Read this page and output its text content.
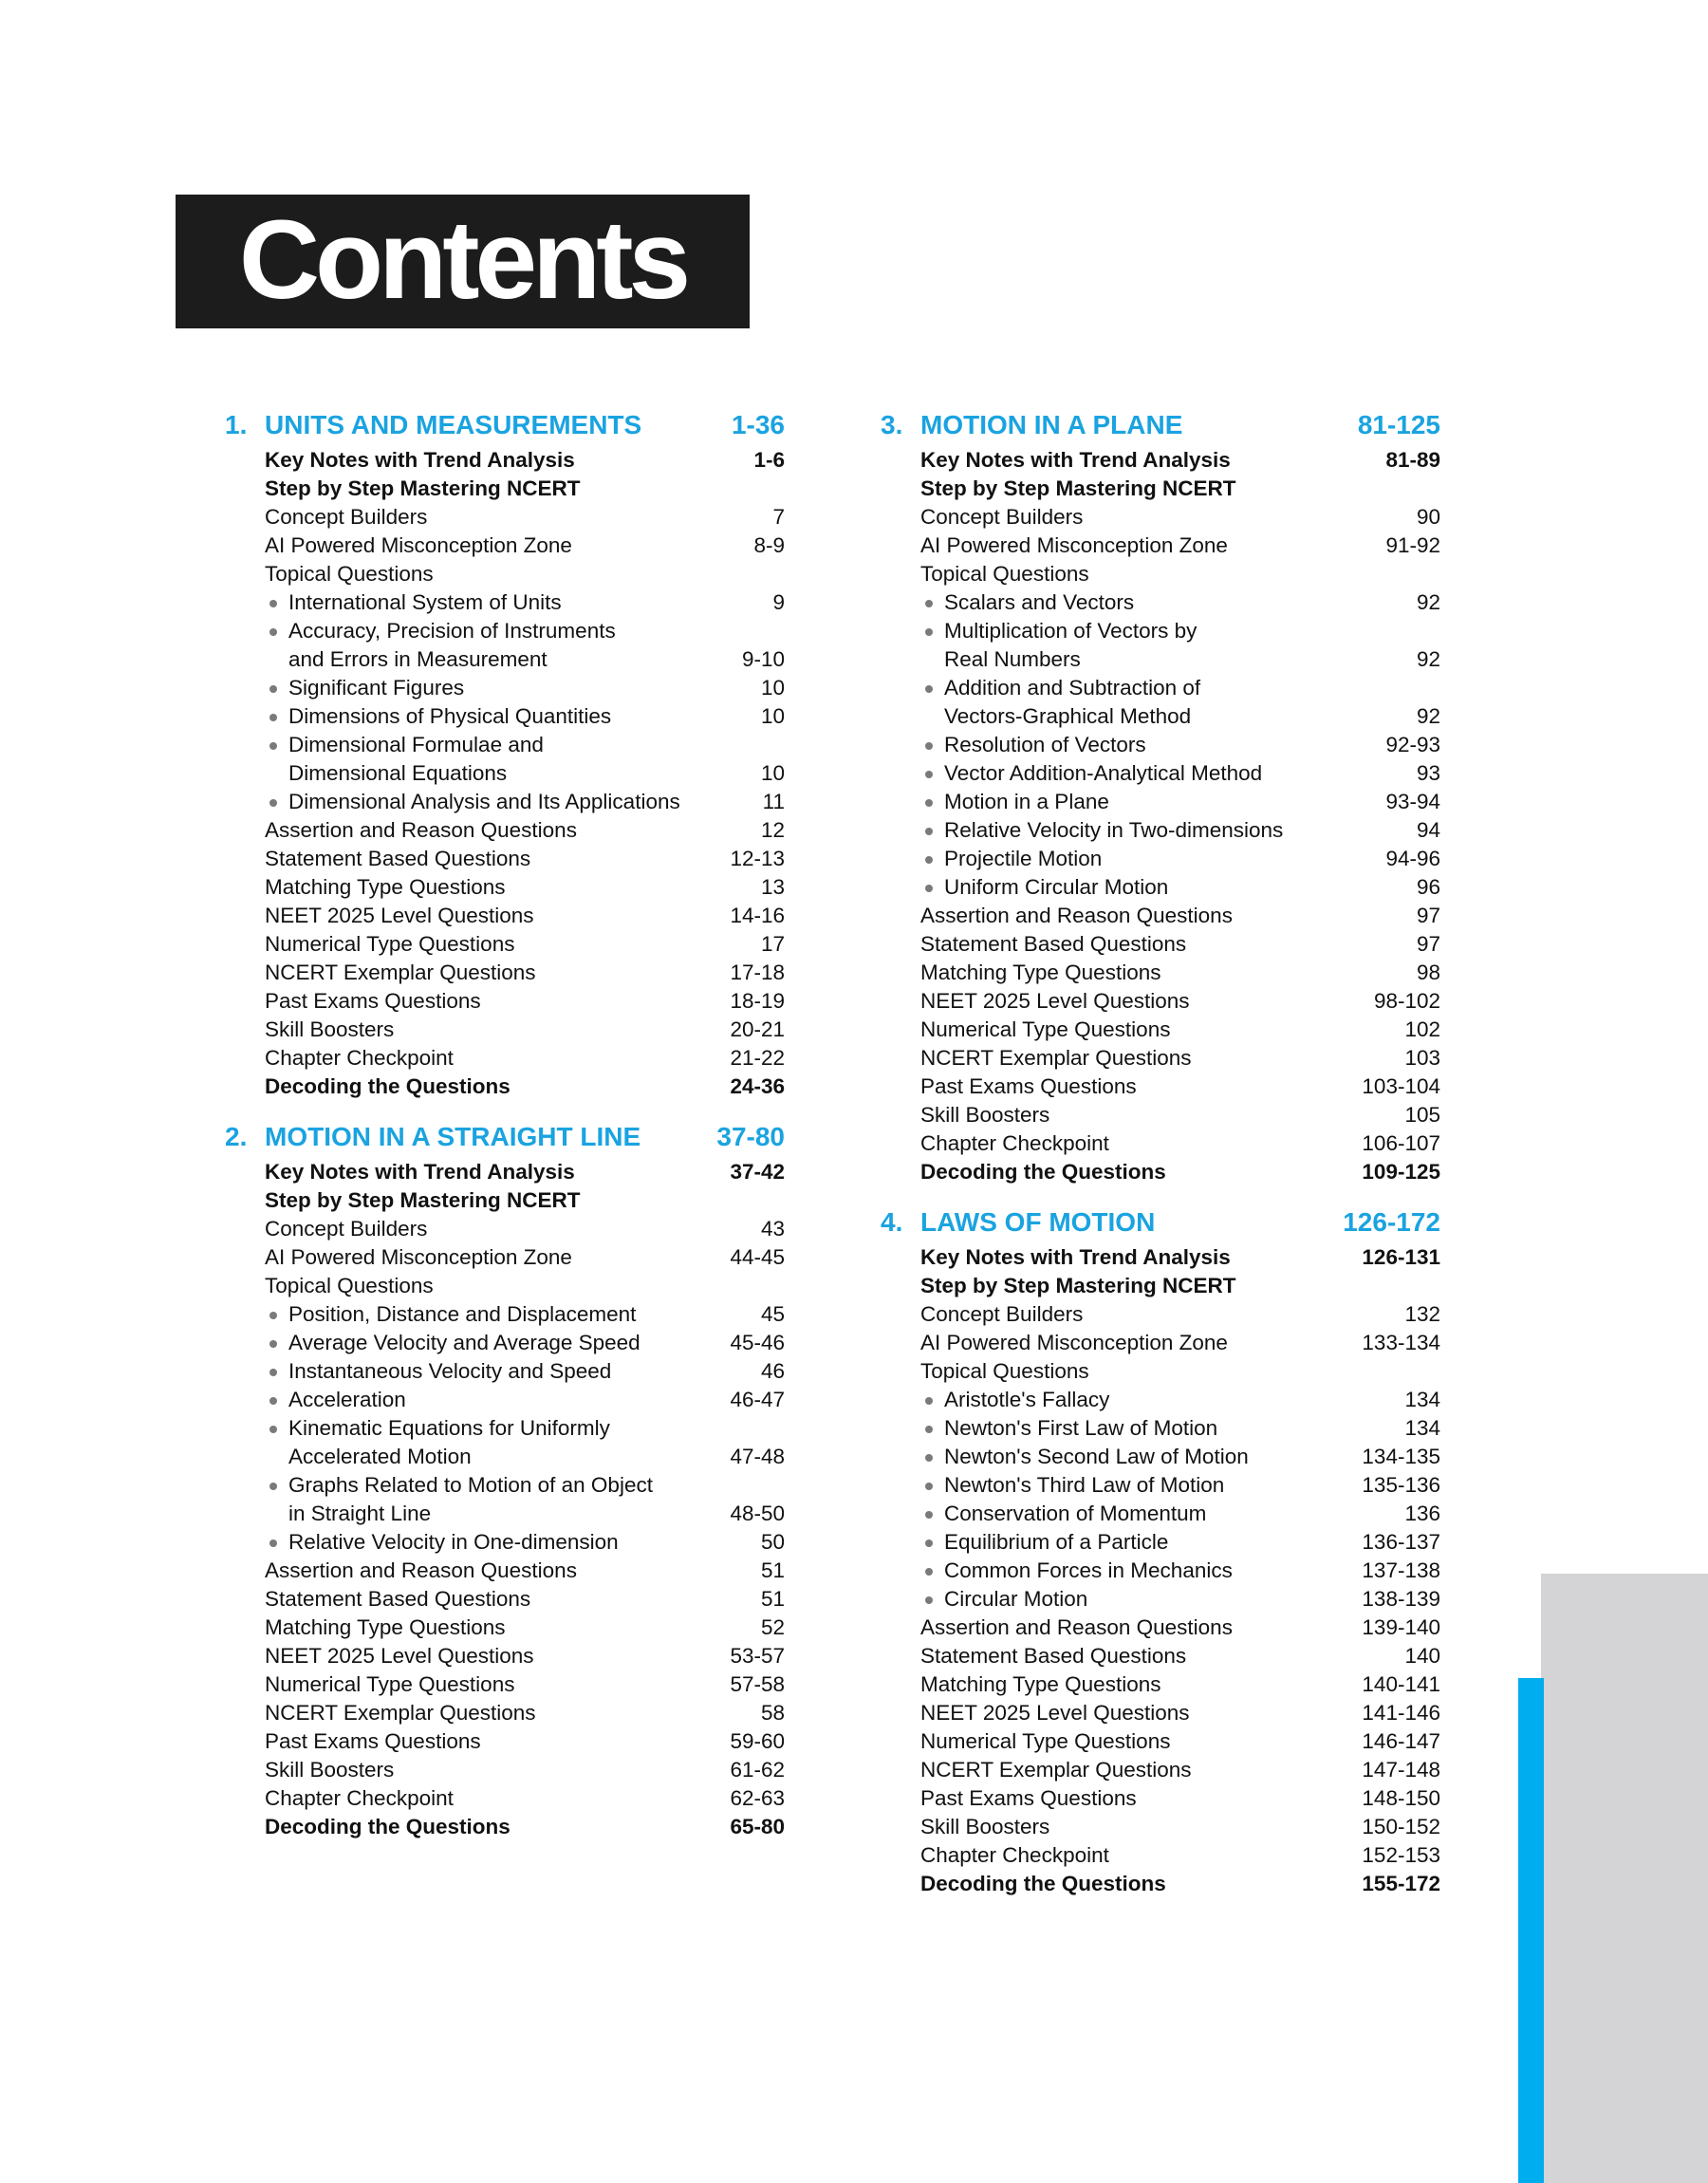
Contents
1. UNITS AND MEASUREMENTS	1-36
Key Notes with Trend Analysis	1-6
Step by Step Mastering NCERT
Concept Builders	7
AI Powered Misconception Zone	8-9
Topical Questions
International System of Units	9
Accuracy, Precision of Instruments
and Errors in Measurement	9-10
Significant Figures	10
Dimensions of Physical Quantities	10
Dimensional Formulae and
Dimensional Equations	10
Dimensional Analysis and Its Applications	11
Assertion and Reason Questions	12
Statement Based Questions	12-13
Matching Type Questions	13
NEET 2025 Level Questions	14-16
Numerical Type Questions	17
NCERT Exemplar Questions	17-18
Past Exams Questions	18-19
Skill Boosters	20-21
Chapter Checkpoint	21-22
Decoding the Questions	24-36
2. MOTION IN A STRAIGHT LINE	37-80
Key Notes with Trend Analysis	37-42
Step by Step Mastering NCERT
Concept Builders	43
AI Powered Misconception Zone	44-45
Topical Questions
Position, Distance and Displacement	45
Average Velocity and Average Speed	45-46
Instantaneous Velocity and Speed	46
Acceleration	46-47
Kinematic Equations for Uniformly
Accelerated Motion	47-48
Graphs Related to Motion of an Object
in Straight Line	48-50
Relative Velocity in One-dimension	50
Assertion and Reason Questions	51
Statement Based Questions	51
Matching Type Questions	52
NEET 2025 Level Questions	53-57
Numerical Type Questions	57-58
NCERT Exemplar Questions	58
Past Exams Questions	59-60
Skill Boosters	61-62
Chapter Checkpoint	62-63
Decoding the Questions	65-80
3. MOTION IN A PLANE	81-125
Key Notes with Trend Analysis	81-89
Step by Step Mastering NCERT
Concept Builders	90
AI Powered Misconception Zone	91-92
Topical Questions
Scalars and Vectors	92
Multiplication of Vectors by
Real Numbers	92
Addition and Subtraction of
Vectors-Graphical Method	92
Resolution of Vectors	92-93
Vector Addition-Analytical Method	93
Motion in a Plane	93-94
Relative Velocity in Two-dimensions	94
Projectile Motion	94-96
Uniform Circular Motion	96
Assertion and Reason Questions	97
Statement Based Questions	97
Matching Type Questions	98
NEET 2025 Level Questions	98-102
Numerical Type Questions	102
NCERT Exemplar Questions	103
Past Exams Questions	103-104
Skill Boosters	105
Chapter Checkpoint	106-107
Decoding the Questions	109-125
4. LAWS OF MOTION	126-172
Key Notes with Trend Analysis	126-131
Step by Step Mastering NCERT
Concept Builders	132
AI Powered Misconception Zone	133-134
Topical Questions
Aristotle's Fallacy	134
Newton's First Law of Motion	134
Newton's Second Law of Motion	134-135
Newton's Third Law of Motion	135-136
Conservation of Momentum	136
Equilibrium of a Particle	136-137
Common Forces in Mechanics	137-138
Circular Motion	138-139
Assertion and Reason Questions	139-140
Statement Based Questions	140
Matching Type Questions	140-141
NEET 2025 Level Questions	141-146
Numerical Type Questions	146-147
NCERT Exemplar Questions	147-148
Past Exams Questions	148-150
Skill Boosters	150-152
Chapter Checkpoint	152-153
Decoding the Questions	155-172
